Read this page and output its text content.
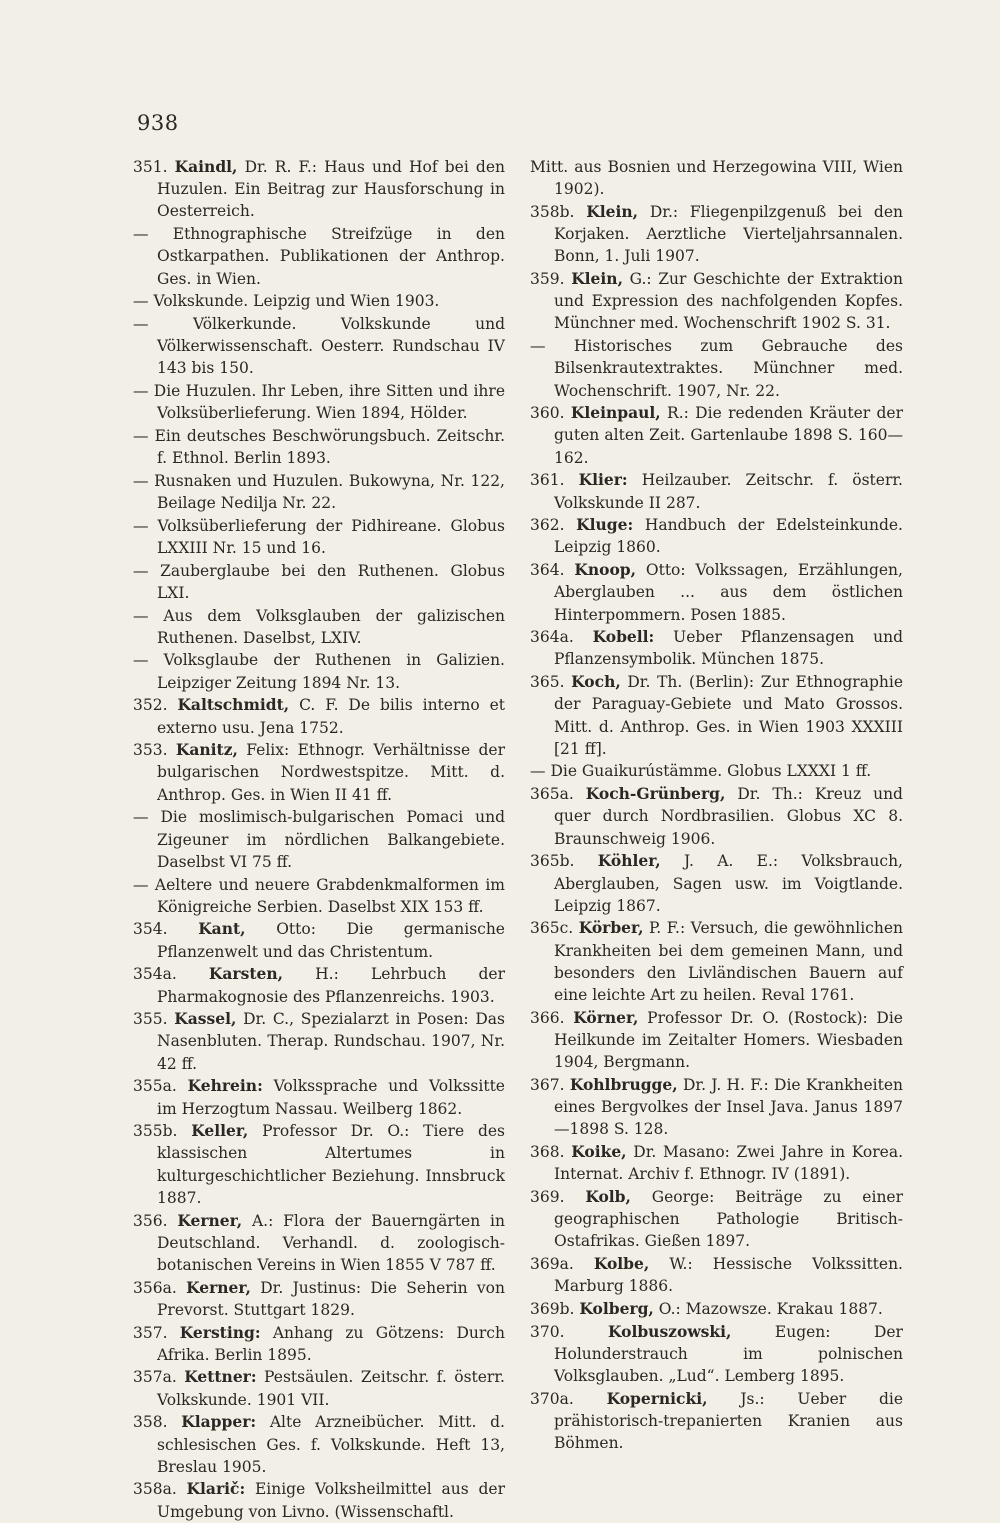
938

351. Kaindl, Dr. R. F.: Haus und Hof bei den Huzulen. Ein Beitrag zur Hausforschung in Oesterreich.

— Ethnographische Streifzüge in den Ostkarpathen. Publikationen der Anthrop. Ges. in Wien.

— Volkskunde. Leipzig und Wien 1903.

—	Völkerkunde. Volkskunde und Völkerwissenschaft. Oesterr. Rundschau IV 143 bis 150.

— Die Huzulen. Ihr Leben, ihre Sitten und ihre Volksüberlieferung. Wien 1894, Hölder.

— Ein deutsches Beschwörungsbuch. Zeitschr. f. Ethnol. Berlin 1893.

— Rusnaken und Huzulen. Bukowyna, Nr. 122, Beilage Nedilja Nr. 22.

— Volksüberlieferung der Pidhireane. Globus LXXIII Nr. 15 und 16.

— Zauberglaube bei den Ruthenen. Globus LXI.

— Aus dem Volksglauben der galizischen Ruthenen. Daselbst, LXIV.

— Volksglaube der Ruthenen in Galizien. Leipziger Zeitung 1894 Nr. 13.

352. Kaltschmidt, C. F. De bilis interno et externo usu. Jena 1752.

353. Kanitz, Felix: Ethnogr. Verhältnisse der bulgarischen Nordwestspitze. Mitt. d. Anthrop. Ges. in Wien II 41 ff.

— Die moslimisch-bulgarischen Pomaci und Zigeuner im nördlichen Balkangebiete. Daselbst VI 75 ff.

— Aeltere und neuere Grabdenkmalformen im Königreiche Serbien. Daselbst XIX 153 ff.

354. Kant, Otto: Die germanische Pflanzenwelt und das Christentum.

354a. Karsten, H.: Lehrbuch der Pharmakognosie des Pflanzenreichs. 1903.

355. Kassel, Dr. C., Spezialarzt in Posen: Das Nasenbluten. Therap. Rundschau. 1907, Nr. 42 ff.

355a. Kehrein: Volkssprache und Volkssitte im Herzogtum Nassau. Weilberg 1862.

355b. Keller, Professor Dr. O.: Tiere des klassischen Altertumes in kulturgeschichtlicher Beziehung. Innsbruck 1887.

356. Kerner, A.: Flora der Bauerngärten in Deutschland. Verhandl. d. zoologisch-botanischen Vereins in Wien 1855 V 787 ff.

356a. Kerner, Dr. Justinus: Die Seherin von Prevorst. Stuttgart 1829.

357. Kersting: Anhang zu Götzens: Durch Afrika. Berlin 1895.

357a. Kettner: Pestsäulen. Zeitschr. f. österr. Volkskunde. 1901 VII.

358. Klapper: Alte Arzneibücher. Mitt. d. schlesischen Ges. f. Volkskunde. Heft 13, Breslau 1905.

358a. Klarič: Einige Volksheilmittel aus der Umgebung von Livno. (Wissenschaftl.

Mitt. aus Bosnien und Herzegowina VIII, Wien 1902).

358b. Klein, Dr.: Fliegenpilzgenuß bei den Korjaken. Aerztliche Vierteljahrsannalen. Bonn, 1. Juli 1907.

359. Klein, G.: Zur Geschichte der Extraktion und Expression des nachfolgenden Kopfes. Münchner med. Wochenschrift 1902 S. 31.

— Historisches zum Gebrauche des Bilsenkrautextraktes. Münchner med. Wochenschrift. 1907, Nr. 22.

360. Kleinpaul, R.: Die redenden Kräuter der guten alten Zeit. Gartenlaube 1898 S. 160—162.

361. Klier: Heilzauber. Zeitschr. f. österr. Volkskunde II 287.

362. Kluge: Handbuch der Edelsteinkunde. Leipzig 1860.

364. Knoop, Otto: Volkssagen, Erzählungen, Aberglauben ... aus dem östlichen Hinterpommern. Posen 1885.

364a. Kobell: Ueber Pflanzensagen und Pflanzensymbolik. München 1875.

365. Koch, Dr. Th. (Berlin): Zur Ethnographie der Paraguay-Gebiete und Mato Grossos. Mitt. d. Anthrop. Ges. in Wien 1903 XXXIII [21 ff].

— Die Guaikurústämme. Globus LXXXI 1 ff.

365a. Koch-Grünberg, Dr. Th.: Kreuz und quer durch Nordbrasilien. Globus XC 8. Braunschweig 1906.

365b. Köhler, J. A. E.: Volksbrauch, Aberglauben, Sagen usw. im Voigtlande. Leipzig 1867.

365c. Körber, P. F.: Versuch, die gewöhnlichen Krankheiten bei dem gemeinen Mann, und besonders den Livländischen Bauern auf eine leichte Art zu heilen. Reval 1761.

366. Körner, Professor Dr. O. (Rostock): Die Heilkunde im Zeitalter Homers. Wiesbaden 1904, Bergmann.

367. Kohlbrugge, Dr. J. H. F.: Die Krankheiten eines Bergvolkes der Insel Java. Janus 1897—1898 S. 128.

368. Koike, Dr. Masano: Zwei Jahre in Korea. Internat. Archiv f. Ethnogr. IV (1891).

369. Kolb, George: Beiträge zu einer geographischen Pathologie Britisch-Ostafrikas. Gießen 1897.

369a. Kolbe, W.: Hessische Volkssitten. Marburg 1886.

369b. Kolberg, O.: Mazowsze. Krakau 1887.

370.	Kolbuszowski,	Eugen: Der Holunderstrauch im polnischen Volksglauben. „Lud“. Lemberg 1895.

370a. Kopernicki, Js.: Ueber die prähistorisch-trepanierten Kranien aus Böhmen.
